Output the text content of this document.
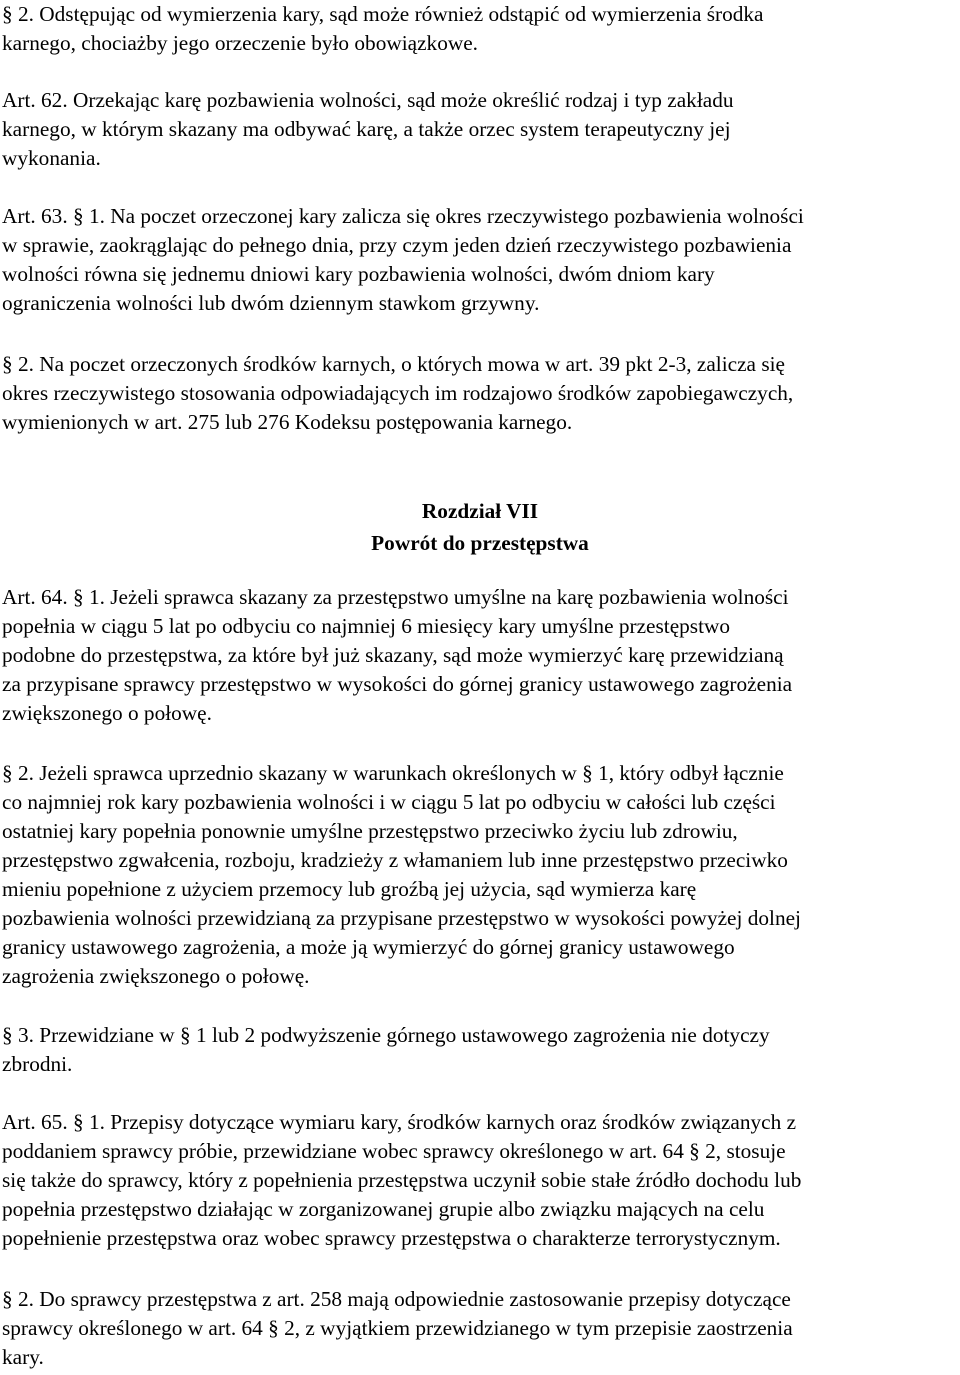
§ 2. Odstępując od wymierzenia kary, sąd może również odstąpić od wymierzenia środka
karnego, chociażby jego orzeczenie było obowiązkowe.

Art. 62. Orzekając karę pozbawienia wolności, sąd może określić rodzaj i typ zakładu
karnego, w którym skazany ma odbywać karę, a także orzec system terapeutyczny jej
wykonania.

Art. 63. § 1. Na poczet orzeczonej kary zalicza się okres rzeczywistego pozbawienia wolności
w sprawie, zaokrąglając do pełnego dnia, przy czym jeden dzień rzeczywistego pozbawienia
wolności równa się jednemu dniowi kary pozbawienia wolności, dwóm dniom kary
ograniczenia wolności lub dwóm dziennym stawkom grzywny.

§ 2. Na poczet orzeczonych środków karnych, o których mowa w art. 39 pkt 2-3, zalicza się
okres rzeczywistego stosowania odpowiadających im rodzajowo środków zapobiegawczych,
wymienionych w art. 275 lub 276 Kodeksu postępowania karnego.

Rozdział VII

Powrót do przestępstwa

Art. 64. § 1. Jeżeli sprawca skazany za przestępstwo umyślne na karę pozbawienia wolności
popełnia w ciągu 5 lat po odbyciu co najmniej 6 miesięcy kary umyślne przestępstwo
podobne do przestępstwa, za które był już skazany, sąd może wymierzyć karę przewidzianą
za przypisane sprawcy przestępstwo w wysokości do górnej granicy ustawowego zagrożenia
zwiększonego o połowę.

§ 2. Jeżeli sprawca uprzednio skazany w warunkach określonych w § 1, który odbył łącznie
co najmniej rok kary pozbawienia wolności i w ciągu 5 lat po odbyciu w całości lub części
ostatniej kary popełnia ponownie umyślne przestępstwo przeciwko życiu lub zdrowiu,
przestępstwo zgwałcenia, rozboju, kradzieży z włamaniem lub inne przestępstwo przeciwko
mieniu popełnione z użyciem przemocy lub groźbą jej użycia, sąd wymierza karę
pozbawienia wolności przewidzianą za przypisane przestępstwo w wysokości powyżej dolnej
granicy ustawowego zagrożenia, a może ją wymierzyć do górnej granicy ustawowego
zagrożenia zwiększonego o połowę.

§ 3. Przewidziane w § 1 lub 2 podwyższenie górnego ustawowego zagrożenia nie dotyczy
zbrodni.

Art. 65. § 1. Przepisy dotyczące wymiaru kary, środków karnych oraz środków związanych z
poddaniem sprawcy próbie, przewidziane wobec sprawcy określonego w art. 64 § 2, stosuje
się także do sprawcy, który z popełnienia przestępstwa uczynił sobie stałe źródło dochodu lub
popełnia przestępstwo działając w zorganizowanej grupie albo związku mających na celu
popełnienie przestępstwa oraz wobec sprawcy przestępstwa o charakterze terrorystycznym.

§ 2. Do sprawcy przestępstwa z art. 258 mają odpowiednie zastosowanie przepisy dotyczące
sprawcy określonego w art. 64 § 2, z wyjątkiem przewidzianego w tym przepisie zaostrzenia
kary.
